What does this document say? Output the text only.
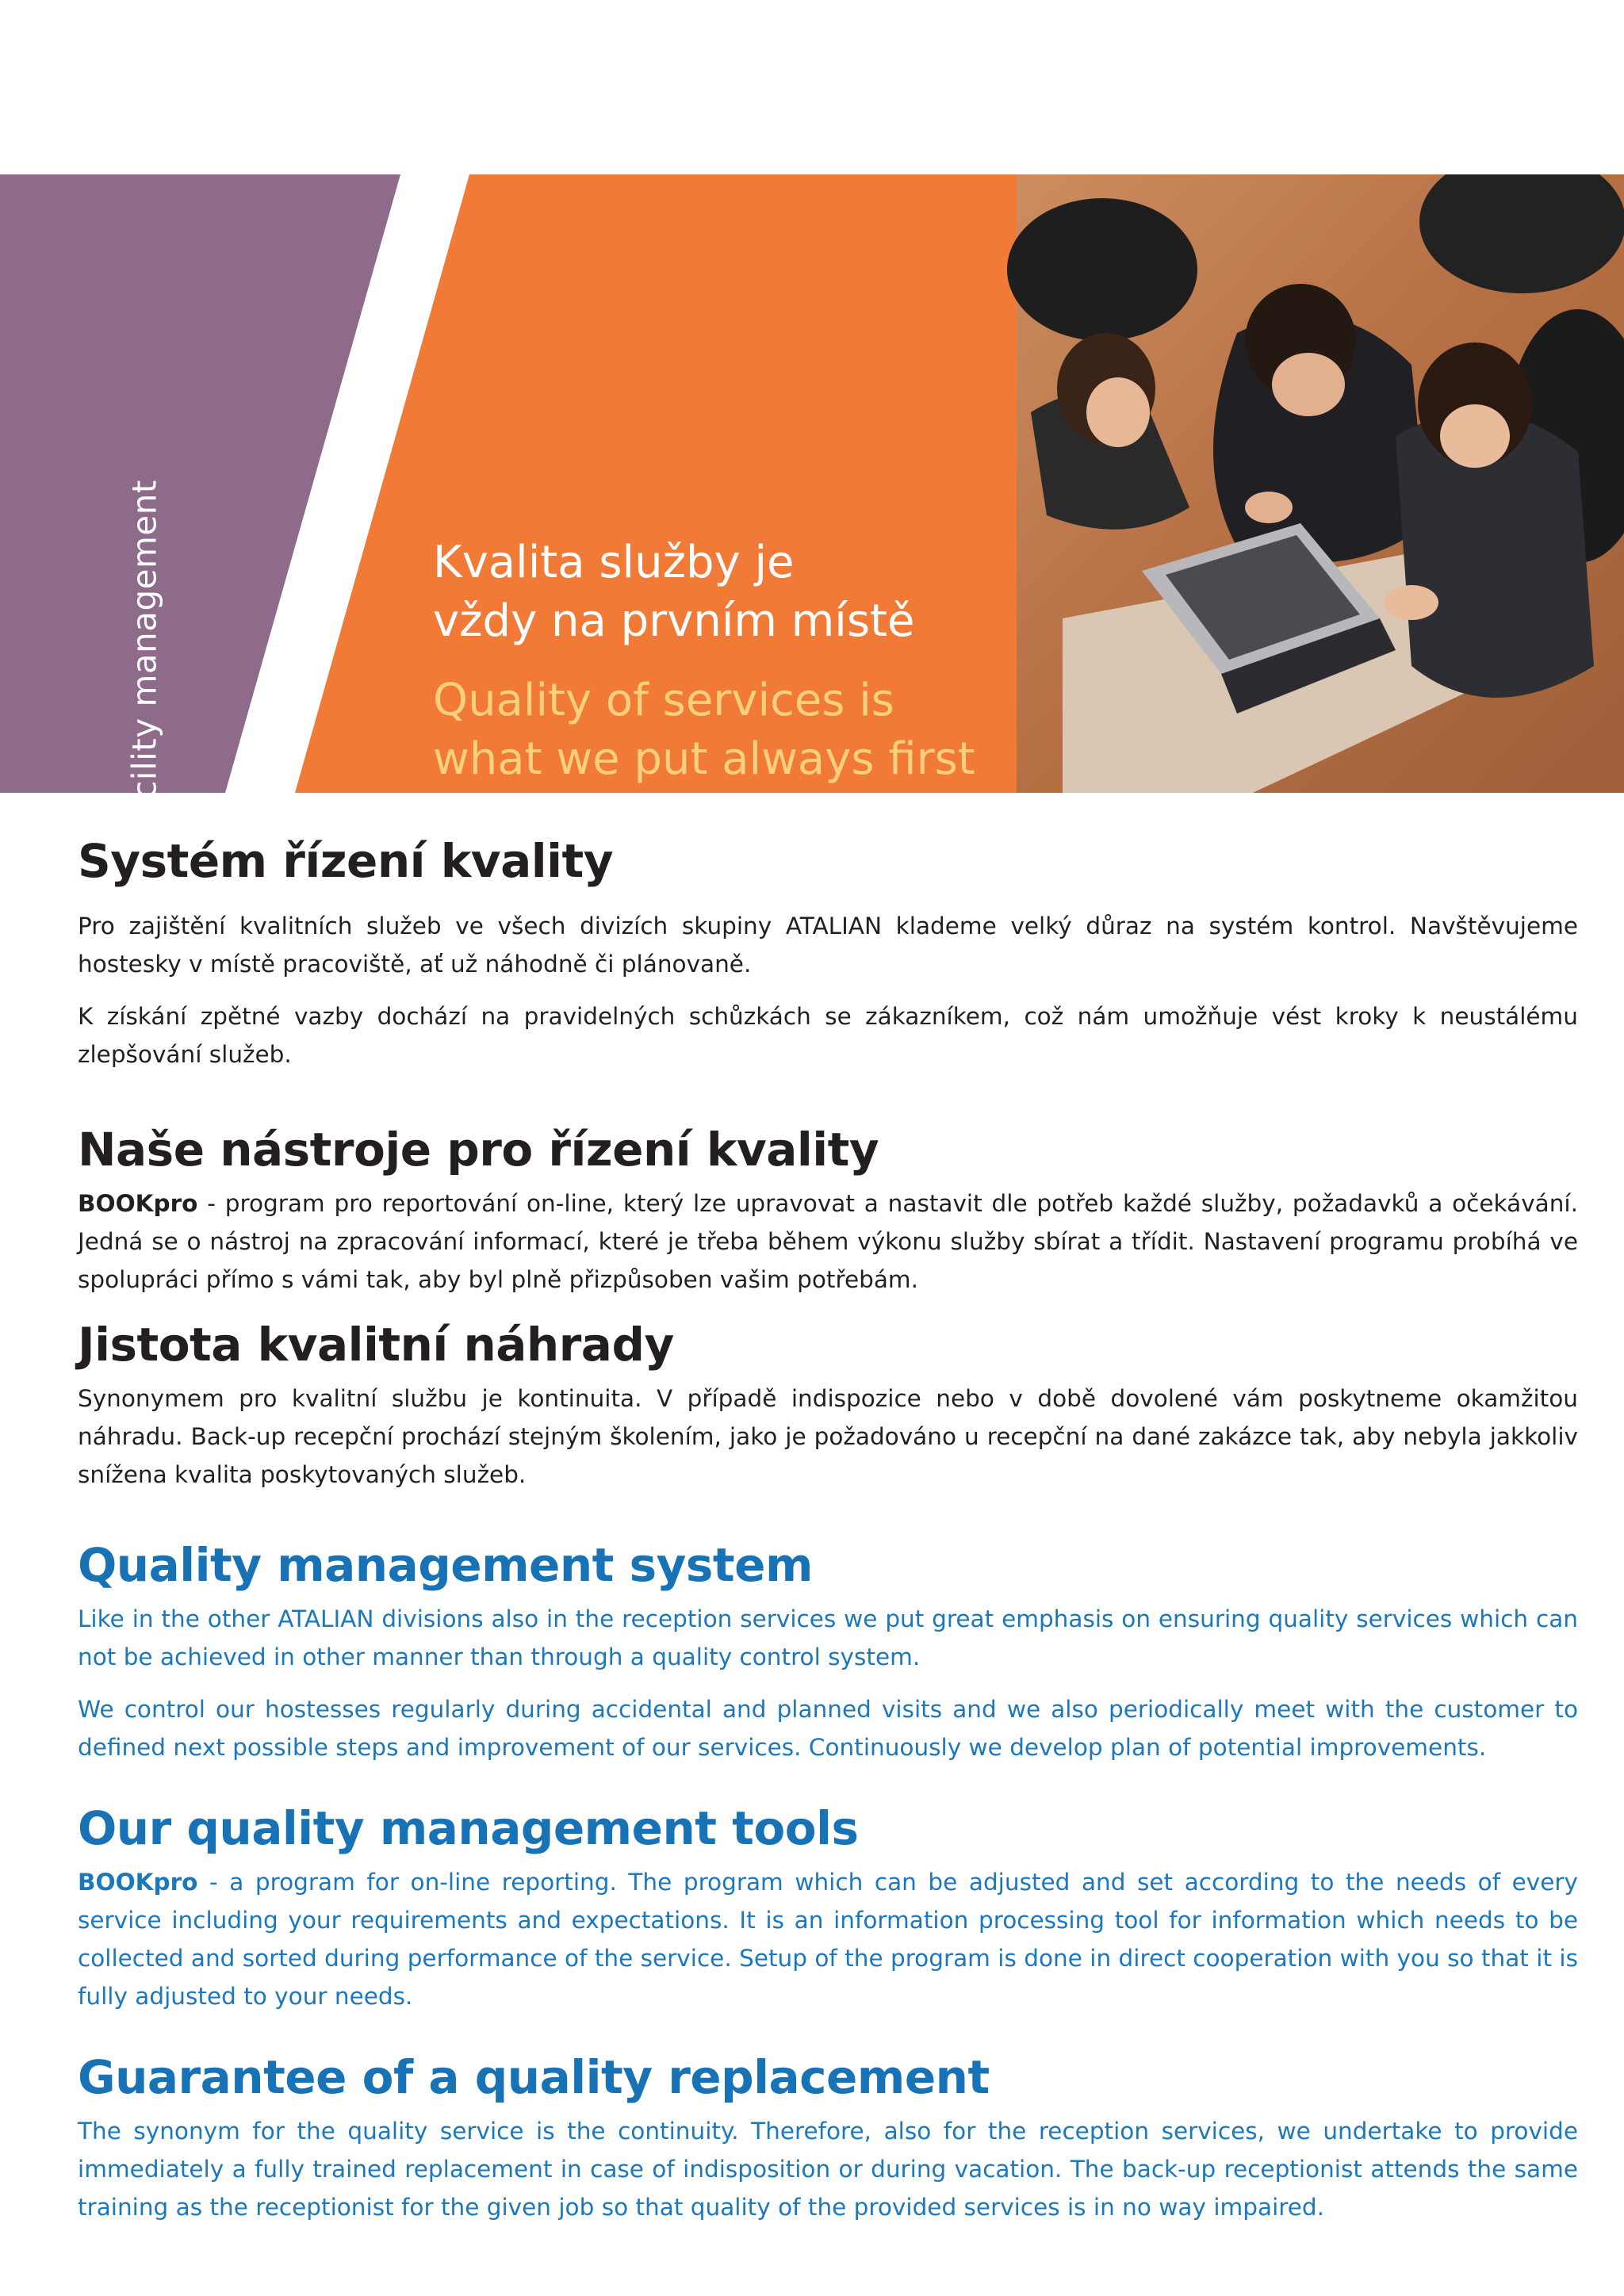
Facility management	Kvalita služby je
vždy na prvním místě
Quality of services is
what we put always first
Systém řízení kvality

Pro zajištění kvalitních služeb ve všech divizích skupiny ATALIAN klademe velký důraz na systém kontrol. Navštěvujeme hostesky v místě pracoviště, ať už náhodně či plánovaně.

K získání zpětné vazby dochází na pravidelných schůzkách se zákazníkem, což nám umožňuje vést kroky k neustálému zlepšování služeb.

Naše nástroje pro řízení kvality

BOOKpro - program pro reportování on-line, který lze upravovat a nastavit dle potřeb každé služby, požadavků a očekávání. Jedná se o nástroj na zpracování informací, které je třeba během výkonu služby sbírat a třídit. Nastavení programu probíhá ve spolupráci přímo s vámi tak, aby byl plně přizpůsoben vašim potřebám.

Jistota kvalitní náhrady

Synonymem pro kvalitní službu je kontinuita. V případě indispozice nebo v době dovolené vám poskytneme okamžitou náhradu. Back-up recepční prochází stejným školením, jako je požadováno u recepční na dané zakázce tak, aby nebyla jakkoliv snížena kvalita poskytovaných služeb.

Quality management system

Like in the other ATALIAN divisions also in the reception services we put great emphasis on ensuring quality services which can not be achieved in other manner than through a quality control system.

We control our hostesses regularly during accidental and planned visits and we also periodically meet with the customer to defined next possible steps and improvement of our services. Continuously we develop plan of potential improvements.

Our quality management tools

BOOKpro - a program for on-line reporting. The program which can be adjusted and set according to the needs of every service including your requirements and expectations. It is an information processing tool for information which needs to be collected and sorted during performance of the service. Setup of the program is done in direct cooperation with you so that it is fully adjusted to your needs.

Guarantee of a quality replacement

The synonym for the quality service is the continuity. Therefore, also for the reception services, we undertake to provide immediately a fully trained replacement in case of indisposition or during vacation. The back-up receptionist attends the same training as the receptionist for the given job so that quality of the provided services is in no way impaired.
